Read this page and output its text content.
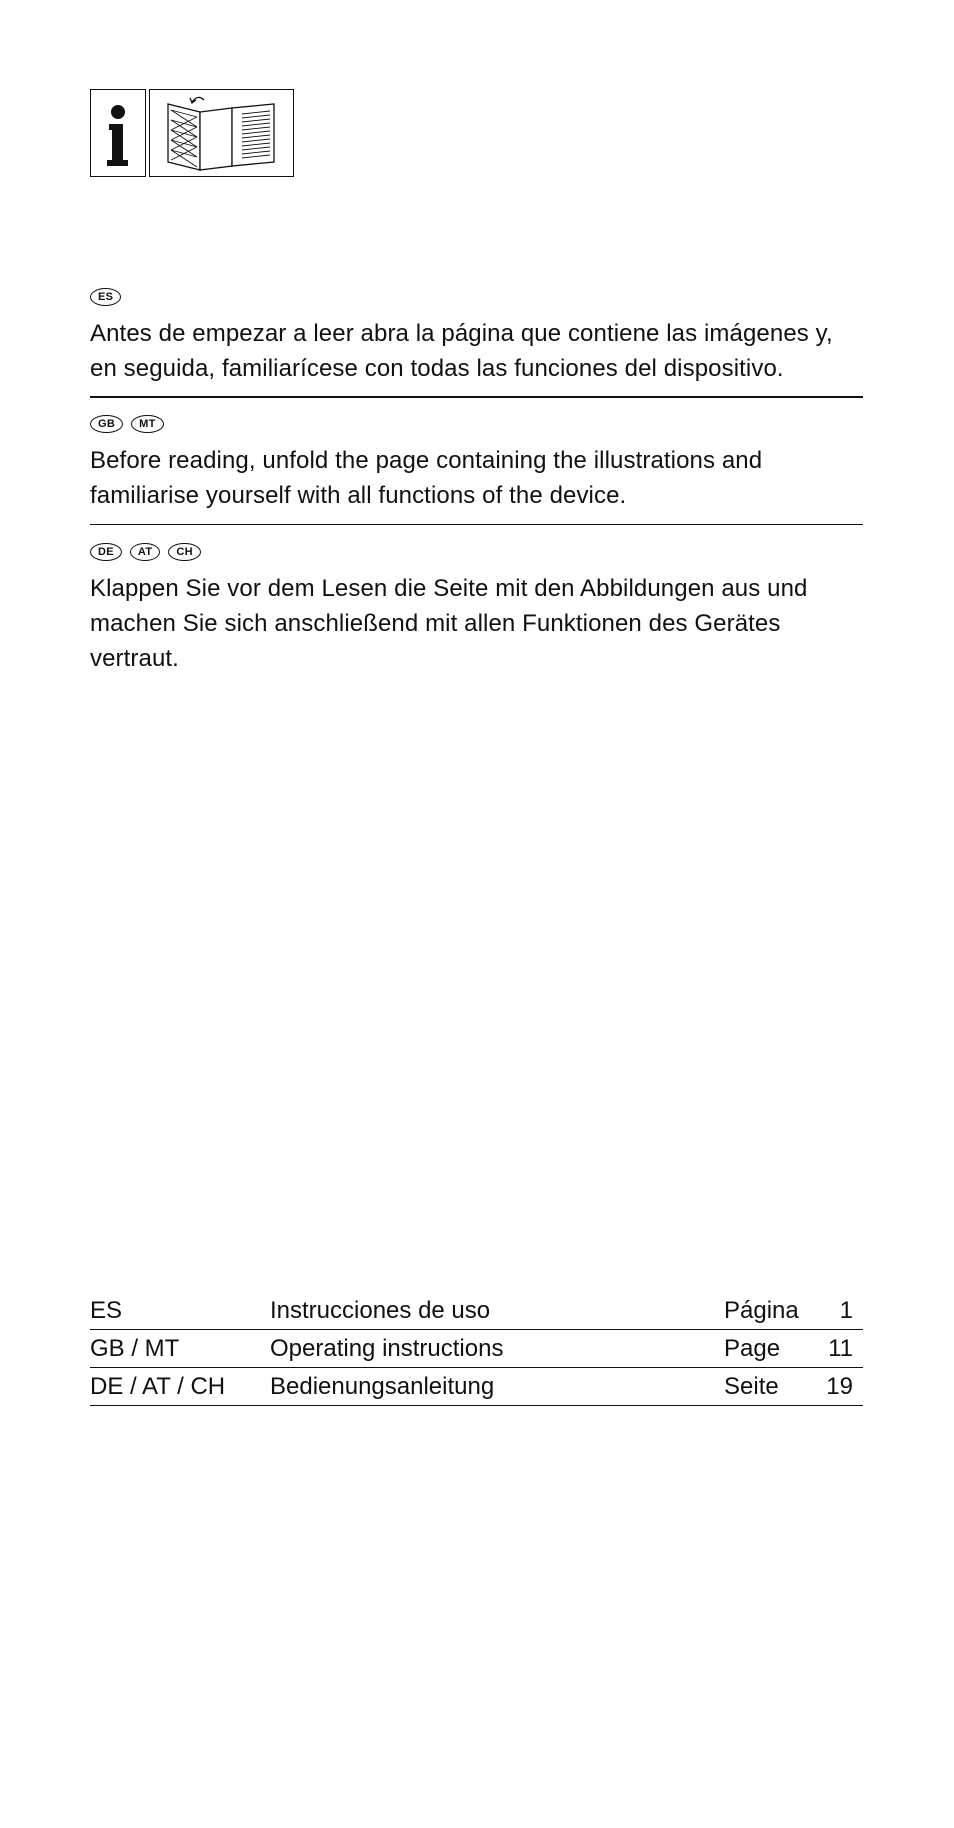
ES
Antes de empezar a leer abra la página que contiene las imágenes y, en seguida, familiarícese con todas las funciones del dispositivo.
GB	MT
Before reading, unfold the page containing the illustrations and familiarise yourself with all functions of the device.
DE	AT	CH
Klappen Sie vor dem Lesen die Seite mit den Abbildungen aus und machen Sie sich anschließend mit allen Funktionen des Gerätes vertraut.
ES	Instrucciones de uso	Página 1
GB / MT	Operating instructions	Page 11
DE / AT / CH Bedienungsanleitung	Seite 19
